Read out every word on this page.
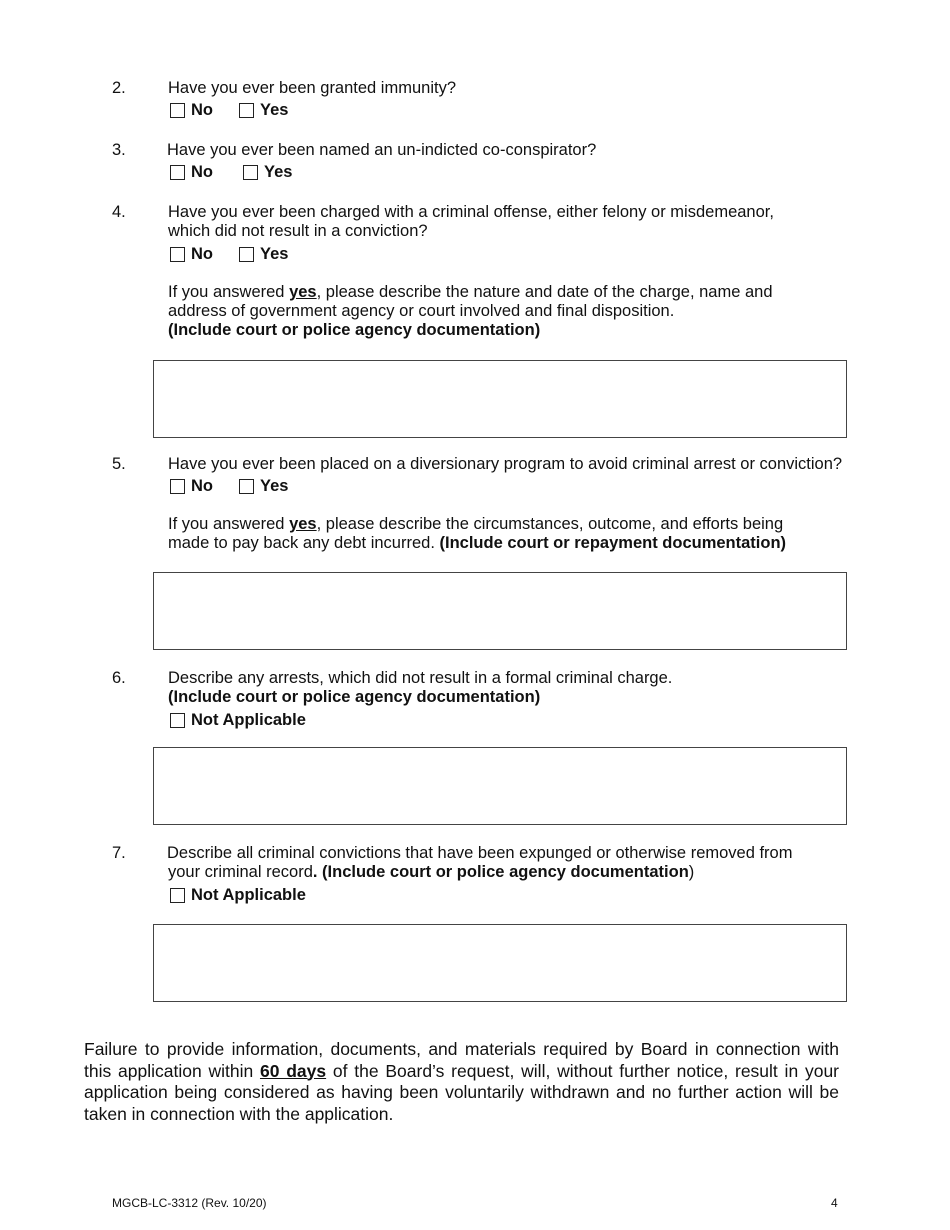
2.	Have you ever been granted immunity?
No	Yes
3. Have you ever been named an un-indicted co-conspirator?
No	Yes
4.	Have you ever been charged with a criminal offense, either felony or misdemeanor,
which did not result in a conviction?
No	Yes
If you answered yes, please describe the nature and date of the charge, name and
address of government agency or court involved and final disposition.
(Include court or police agency documentation)
5.	Have you ever been placed on a diversionary program to avoid criminal arrest or conviction?
No	Yes
If you answered yes, please describe the circumstances, outcome, and efforts being
made to pay back any debt incurred. (Include court or repayment documentation)
6.	Describe any arrests, which did not result in a formal criminal charge.
(Include court or police agency documentation)
Not Applicable
7. Describe all criminal convictions that have been expunged or otherwise removed from
your criminal record. (Include court or police agency documentation)
Not Applicable
Failure to provide information, documents, and materials required by Board in connection with this application within 60 days of the Board’s request, will, without further notice, result in your application being considered as having been voluntarily withdrawn and no further action will be taken in connection with the application.
MGCB-LC-3312 (Rev. 10/20)	4
